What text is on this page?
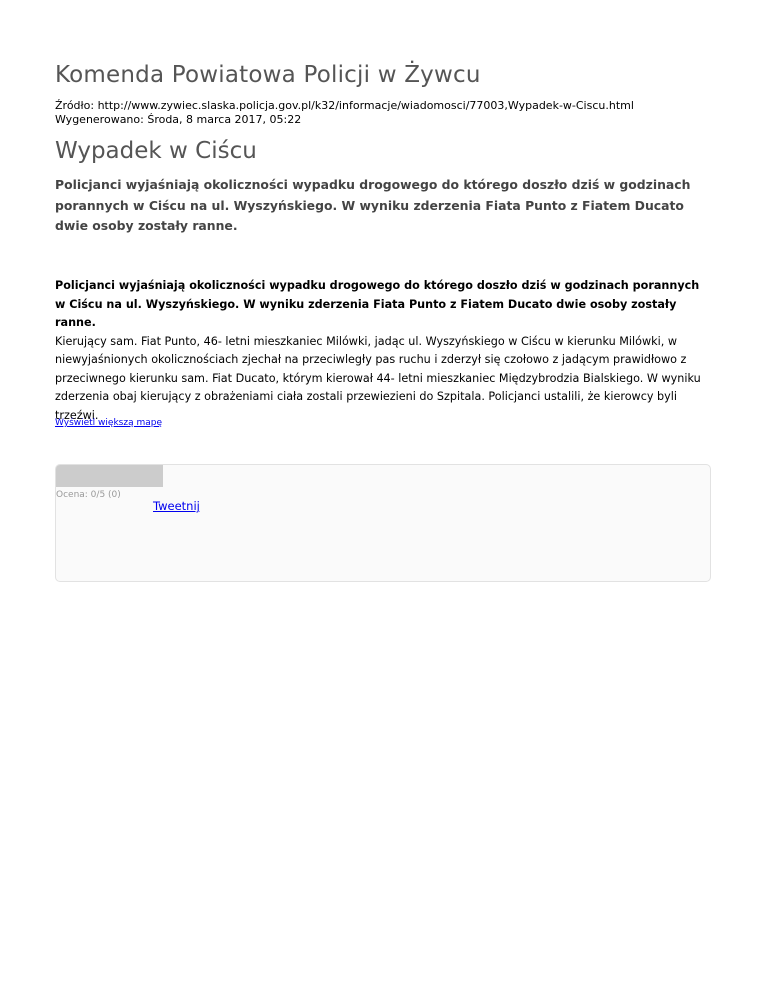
Komenda Powiatowa Policji w Żywcu
Źródło: http://www.zywiec.slaska.policja.gov.pl/k32/informacje/wiadomosci/77003,Wypadek-w-Ciscu.html
Wygenerowano: Środa, 8 marca 2017, 05:22
Wypadek w Ciścu

Policjanci wyjaśniają okoliczności wypadku drogowego do którego doszło dziś w godzinach porannych w Ciścu na ul. Wyszyńskiego. W wyniku zderzenia Fiata Punto z Fiatem Ducato dwie osoby zostały ranne.

Policjanci wyjaśniają okoliczności wypadku drogowego do którego doszło dziś w godzinach porannych w Ciścu na ul. Wyszyńskiego. W wyniku zderzenia Fiata Punto z Fiatem Ducato dwie osoby zostały ranne.
Kierujący sam. Fiat Punto, 46- letni mieszkaniec Milówki, jadąc ul. Wyszyńskiego w Ciścu w kierunku Milówki, w niewyjaśnionych okolicznościach zjechał na przeciwległy pas ruchu i zderzył się czołowo z jadącym prawidłowo z przeciwnego kierunku sam. Fiat Ducato, którym kierował 44- letni mieszkaniec Międzybrodzia Bialskiego. W wyniku zderzenia obaj kierujący z obrażeniami ciała zostali przewiezieni do Szpitala. Policjanci ustalili, że kierowcy byli trzeźwi.

Wyświetl większą mapę
Ocena: 0/5 (0)
Tweetnij
